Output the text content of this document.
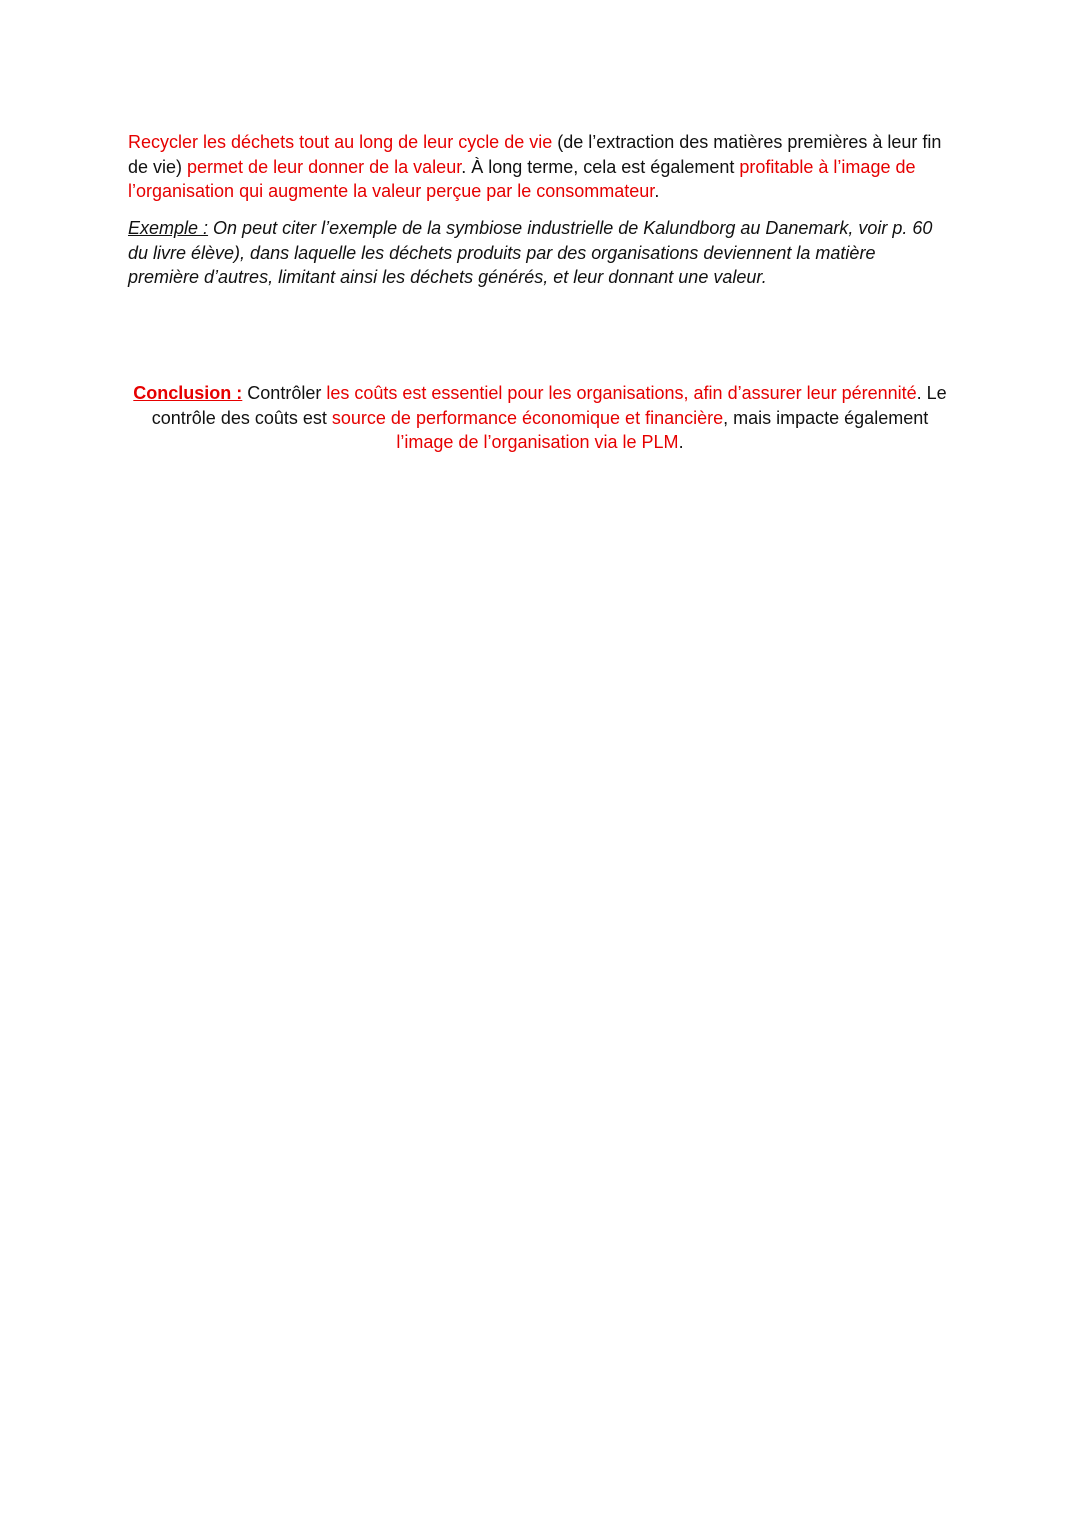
Recycler les déchets tout au long de leur cycle de vie (de l’extraction des matières premières à leur fin de vie) permet de leur donner de la valeur. À long terme, cela est également profitable à l’image de l’organisation qui augmente la valeur perçue par le consommateur.

Exemple : On peut citer l’exemple de la symbiose industrielle de Kalundborg au Danemark, voir p. 60 du livre élève), dans laquelle les déchets produits par des organisations deviennent la matière première d’autres, limitant ainsi les déchets générés, et leur donnant une valeur.

Conclusion : Contrôler les coûts est essentiel pour les organisations, afin d’assurer leur pérennité. Le contrôle des coûts est source de performance économique et financière, mais impacte également l’image de l’organisation via le PLM.
